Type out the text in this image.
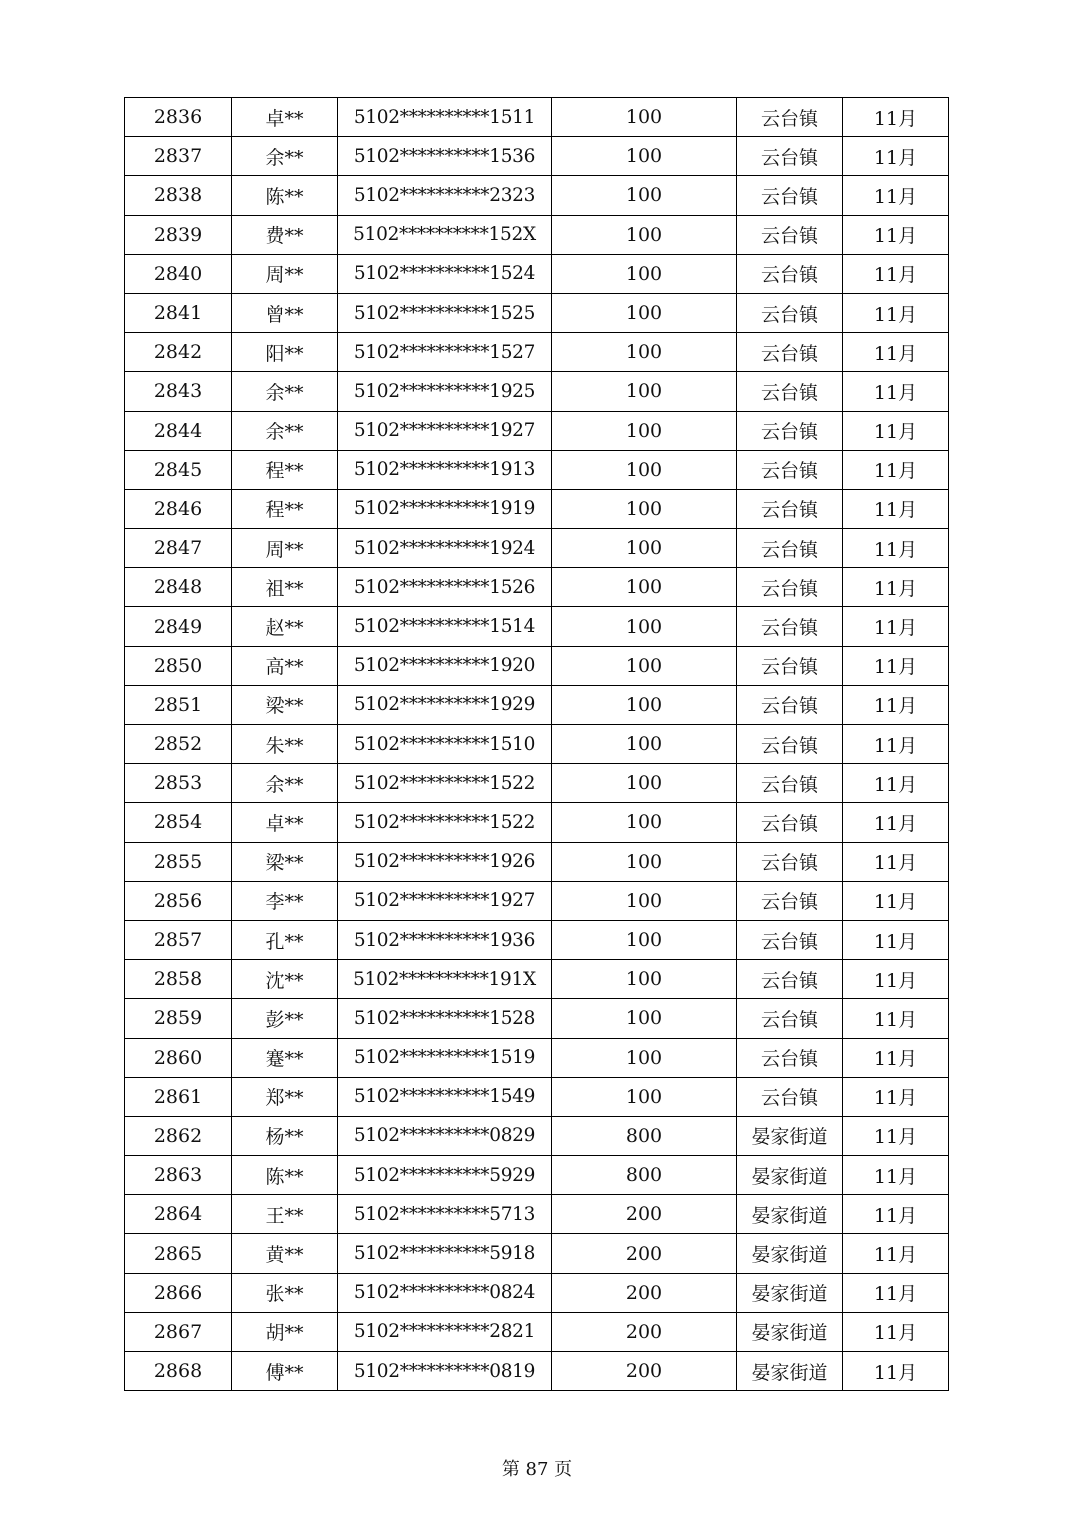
2836	卓**	5102**********1511	100	云台镇	11月
2837	余**	5102**********1536	100	云台镇	11月
2838	陈**	5102**********2323	100	云台镇	11月
2839	费**	5102**********152X	100	云台镇	11月
2840	周**	5102**********1524	100	云台镇	11月
2841	曾**	5102**********1525	100	云台镇	11月
2842	阳**	5102**********1527	100	云台镇	11月
2843	余**	5102**********1925	100	云台镇	11月
2844	余**	5102**********1927	100	云台镇	11月
2845	程**	5102**********1913	100	云台镇	11月
2846	程**	5102**********1919	100	云台镇	11月
2847	周**	5102**********1924	100	云台镇	11月
2848	祖**	5102**********1526	100	云台镇	11月
2849	赵**	5102**********1514	100	云台镇	11月
2850	高**	5102**********1920	100	云台镇	11月
2851	梁**	5102**********1929	100	云台镇	11月
2852	朱**	5102**********1510	100	云台镇	11月
2853	余**	5102**********1522	100	云台镇	11月
2854	卓**	5102**********1522	100	云台镇	11月
2855	梁**	5102**********1926	100	云台镇	11月
2856	李**	5102**********1927	100	云台镇	11月
2857	孔**	5102**********1936	100	云台镇	11月
2858	沈**	5102**********191X	100	云台镇	11月
2859	彭**	5102**********1528	100	云台镇	11月
2860	蹇**	5102**********1519	100	云台镇	11月
2861	郑**	5102**********1549	100	云台镇	11月
2862	杨**	5102**********0829	800	晏家街道	11月
2863	陈**	5102**********5929	800	晏家街道	11月
2864	王**	5102**********5713	200	晏家街道	11月
2865	黄**	5102**********5918	200	晏家街道	11月
2866	张**	5102**********0824	200	晏家街道	11月
2867	胡**	5102**********2821	200	晏家街道	11月
2868	傅**	5102**********0819	200	晏家街道	11月
第 87 页
